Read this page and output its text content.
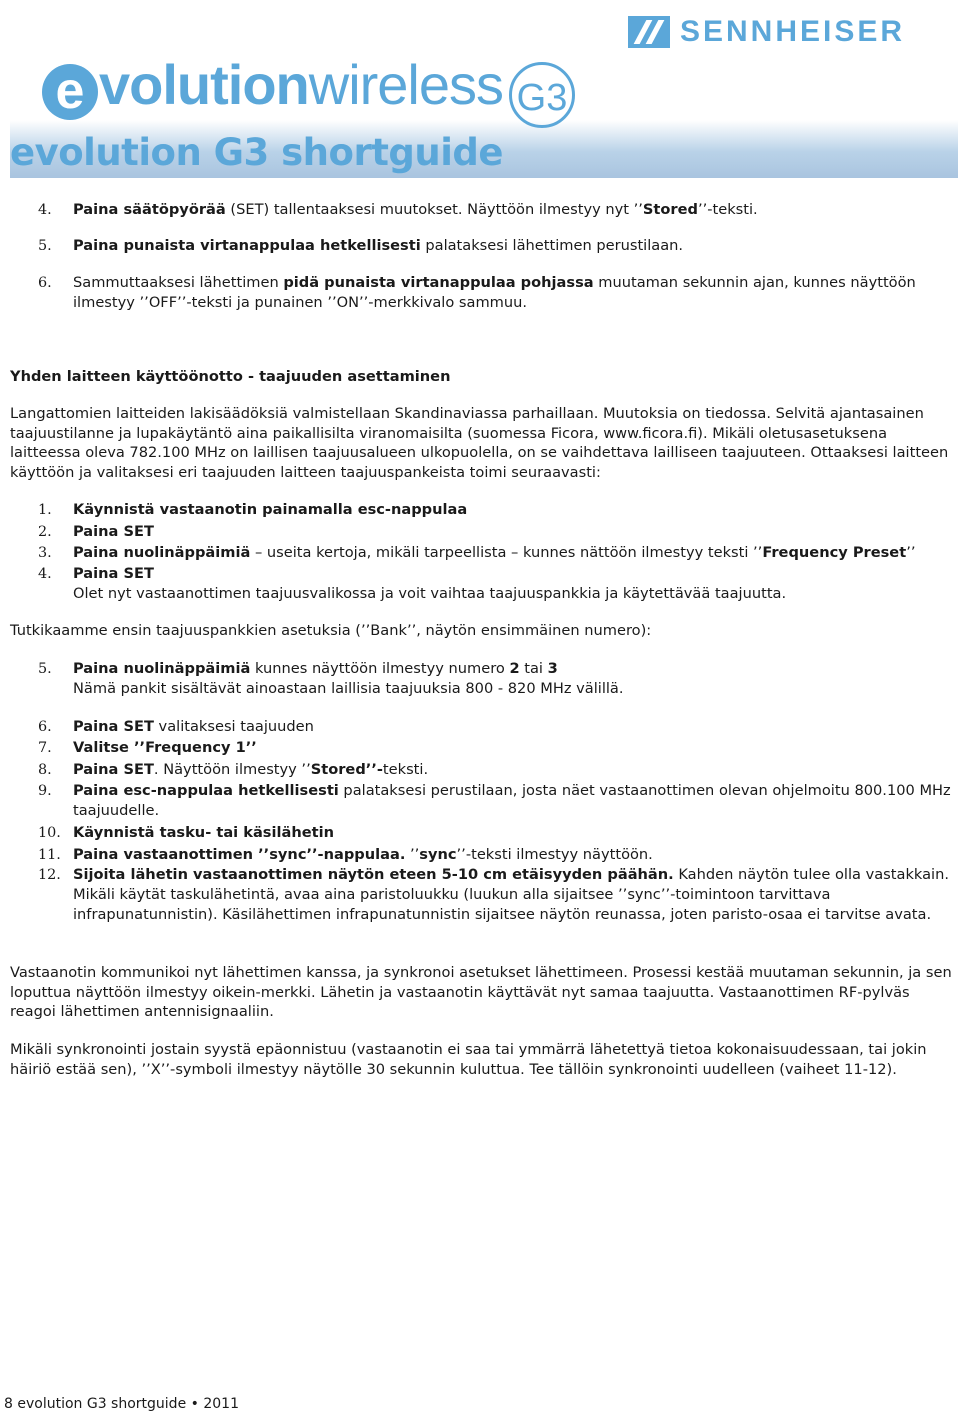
SENNHEISER
e volution wireless G3
evolution G3 shortguide
4.	Paina säätöpyörää (SET) tallentaaksesi muutokset. Näyttöön ilmestyy nyt ’’Stored’’-teksti.
5.	Paina punaista virtanappulaa hetkellisesti palataksesi lähettimen perustilaan.
6.	Sammuttaaksesi lähettimen pidä punaista virtanappulaa pohjassa muutaman sekunnin ajan, kunnes näyttöön ilmestyy ’’OFF’’-teksti ja punainen ’’ON’’-merkkivalo sammuu.
Yhden laitteen käyttöönotto - taajuuden asettaminen
Langattomien laitteiden lakisäädöksiä valmistellaan Skandinaviassa parhaillaan. Muutoksia on tiedossa. Selvitä ajantasainen taajuustilanne ja lupakäytäntö aina paikallisilta viranomaisilta (suomessa Ficora, www.ficora.fi). Mikäli oletusasetuksena laitteessa oleva 782.100 MHz on laillisen taajuusalueen ulkopuolella, on se vaihdettava lailliseen taajuuteen. Ottaaksesi laitteen käyttöön ja valitaksesi eri taajuuden laitteen taajuuspankeista toimi seuraavasti:
1.	Käynnistä vastaanotin painamalla esc-nappulaa
2.	Paina SET
3.	Paina nuolinäppäimiä – useita kertoja, mikäli tarpeellista – kunnes nättöön ilmestyy teksti ’’Frequency Preset’’
4.	Paina SET
Olet nyt vastaanottimen taajuusvalikossa ja voit vaihtaa taajuuspankkia ja käytettävää taajuutta.
Tutkikaamme ensin taajuuspankkien asetuksia (’’Bank’’, näytön ensimmäinen numero):
5.	Paina nuolinäppäimiä kunnes näyttöön ilmestyy numero 2 tai 3
Nämä pankit sisältävät ainoastaan laillisia taajuuksia 800 - 820 MHz välillä.
6.	Paina SET valitaksesi taajuuden
7.	Valitse ’’Frequency 1’’
8.	Paina SET. Näyttöön ilmestyy ’’Stored’’-teksti.
9.	Paina esc-nappulaa hetkellisesti palataksesi perustilaan, josta näet vastaanottimen olevan ohjelmoitu 800.100 MHz taajuudelle.
10. Käynnistä tasku- tai käsilähetin
11. Paina vastaanottimen ’’sync’’-nappulaa. ’’sync’’-teksti ilmestyy näyttöön.
12. Sijoita lähetin vastaanottimen näytön eteen 5-10 cm etäisyyden päähän. Kahden näytön tulee olla vastakkain. Mikäli käytät taskulähetintä, avaa aina paristoluukku (luukun alla sijaitsee ’’sync’’-toimintoon tarvittava infrapunatunnistin). Käsilähettimen infrapunatunnistin sijaitsee näytön reunassa, joten paristo-osaa ei tarvitse avata.
Vastaanotin kommunikoi nyt lähettimen kanssa, ja synkronoi asetukset lähettimeen. Prosessi kestää muutaman sekunnin, ja sen loputtua näyttöön ilmestyy oikein-merkki. Lähetin ja vastaanotin käyttävät nyt samaa taajuutta. Vastaanottimen RF-pylväs reagoi lähettimen antennisignaaliin.
Mikäli synkronointi jostain syystä epäonnistuu (vastaanotin ei saa tai ymmärrä lähetettyä tietoa kokonaisuudessaan, tai jokin häiriö estää sen), ’’X’’-symboli ilmestyy näytölle 30 sekunnin kuluttua. Tee tällöin synkronointi uudelleen (vaiheet 11-12).
8 evolution G3 shortguide • 2011
